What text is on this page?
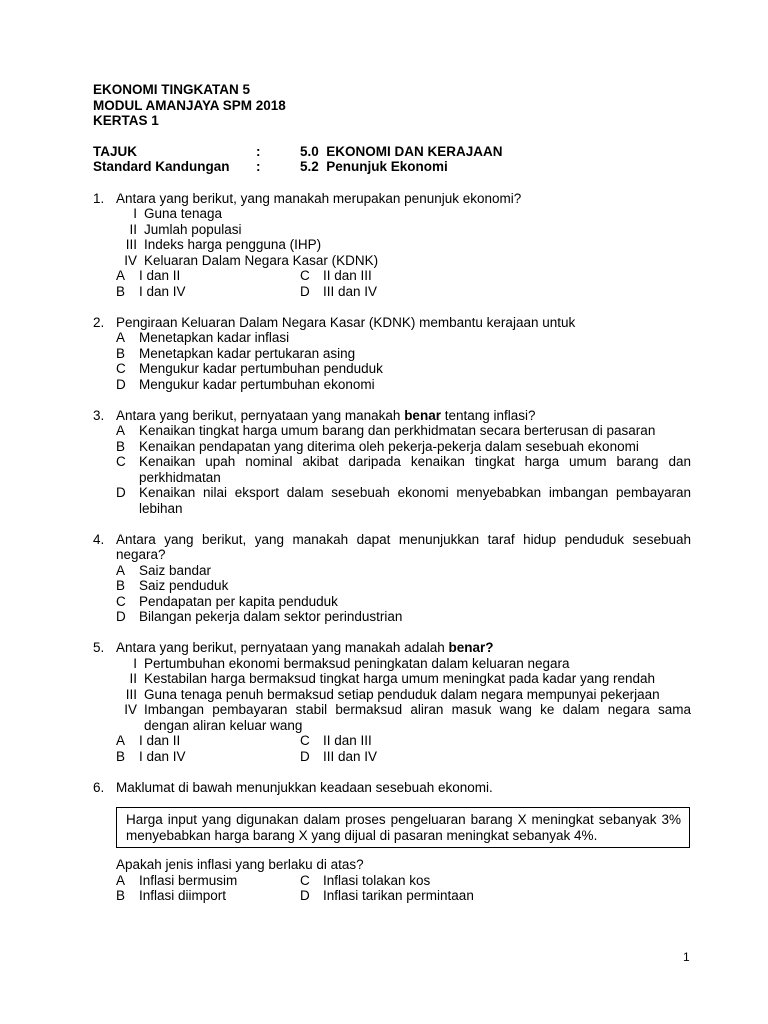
EKONOMI TINGKATAN 5
MODUL AMANJAYA SPM 2018
KERTAS 1
TAJUK	:	5.0  EKONOMI DAN KERAJAAN
Standard Kandungan	:	5.2  Penunjuk Ekonomi
1. Antara yang berikut, yang manakah merupakan penunjuk ekonomi?
I Guna tenaga
II Jumlah populasi
III Indeks harga pengguna (IHP)
IV Keluaran Dalam Negara Kasar (KDNK)
A	I dan II	C II dan III
B	I dan IV	D III dan IV
2. Pengiraan Keluaran Dalam Negara Kasar (KDNK) membantu kerajaan untuk
A	Menetapkan kadar inflasi
B	Menetapkan kadar pertukaran asing
C Mengukur kadar pertumbuhan penduduk
D Mengukur kadar pertumbuhan ekonomi
3. Antara yang berikut, pernyataan yang manakah benar tentang inflasi?
A	Kenaikan tingkat harga umum barang dan perkhidmatan secara berterusan di pasaran
B	Kenaikan pendapatan yang diterima oleh pekerja-pekerja dalam sesebuah ekonomi
C Kenaikan upah nominal akibat daripada kenaikan tingkat harga umum barang dan perkhidmatan
D Kenaikan nilai eksport dalam sesebuah ekonomi menyebabkan imbangan pembayaran lebihan
4. Antara yang berikut, yang manakah dapat menunjukkan taraf hidup penduduk sesebuah negara?
A	Saiz bandar
B	Saiz penduduk
C Pendapatan per kapita penduduk
D Bilangan pekerja dalam sektor perindustrian
5. Antara yang berikut, pernyataan yang manakah adalah benar?
I Pertumbuhan ekonomi bermaksud peningkatan dalam keluaran negara
II Kestabilan harga bermaksud tingkat harga umum meningkat pada kadar yang rendah
III Guna tenaga penuh bermaksud setiap penduduk dalam negara mempunyai pekerjaan
IV Imbangan pembayaran stabil bermaksud aliran masuk wang ke dalam negara sama dengan aliran keluar wang
A	I dan II	C II dan III
B	I dan IV	D III dan IV
6. Maklumat di bawah menunjukkan keadaan sesebuah ekonomi.
Harga input yang digunakan dalam proses pengeluaran barang X meningkat sebanyak 3% menyebabkan harga barang X yang dijual di pasaran meningkat sebanyak 4%.
Apakah jenis inflasi yang berlaku di atas?
A	Inflasi bermusim	C Inflasi tolakan kos
B	Inflasi diimport	D Inflasi tarikan permintaan
1
